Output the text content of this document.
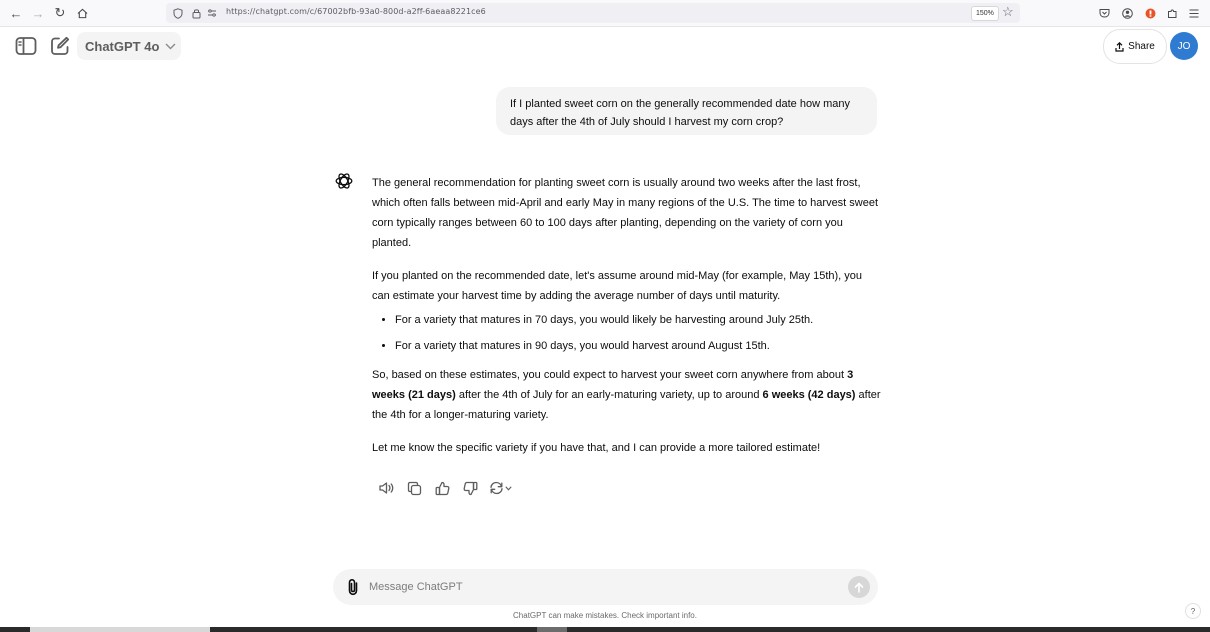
← → ↻	https://chatgpt.com/c/67002bfb-93a0-800d-a2ff-6aeaa8221ce6	150% ☆
ChatGPT 4o	Share	JO
If I planted sweet corn on the generally recommended date how many days after the 4th of July should I harvest my corn crop?

The general recommendation for planting sweet corn is usually around two weeks after the last frost, which often falls between mid-April and early May in many regions of the U.S. The time to harvest sweet corn typically ranges between 60 to 100 days after planting, depending on the variety of corn you planted.

If you planted on the recommended date, let's assume around mid-May (for example, May 15th), you can estimate your harvest time by adding the average number of days until maturity.

• For a variety that matures in 70 days, you would likely be harvesting around July 25th.
• For a variety that matures in 90 days, you would harvest around August 15th.

So, based on these estimates, you could expect to harvest your sweet corn anywhere from about 3 weeks (21 days) after the 4th of July for an early-maturing variety, up to around 6 weeks (42 days) after the 4th for a longer-maturing variety.

Let me know the specific variety if you have that, and I can provide a more tailored estimate!

Message ChatGPT
ChatGPT can make mistakes. Check important info.	?
